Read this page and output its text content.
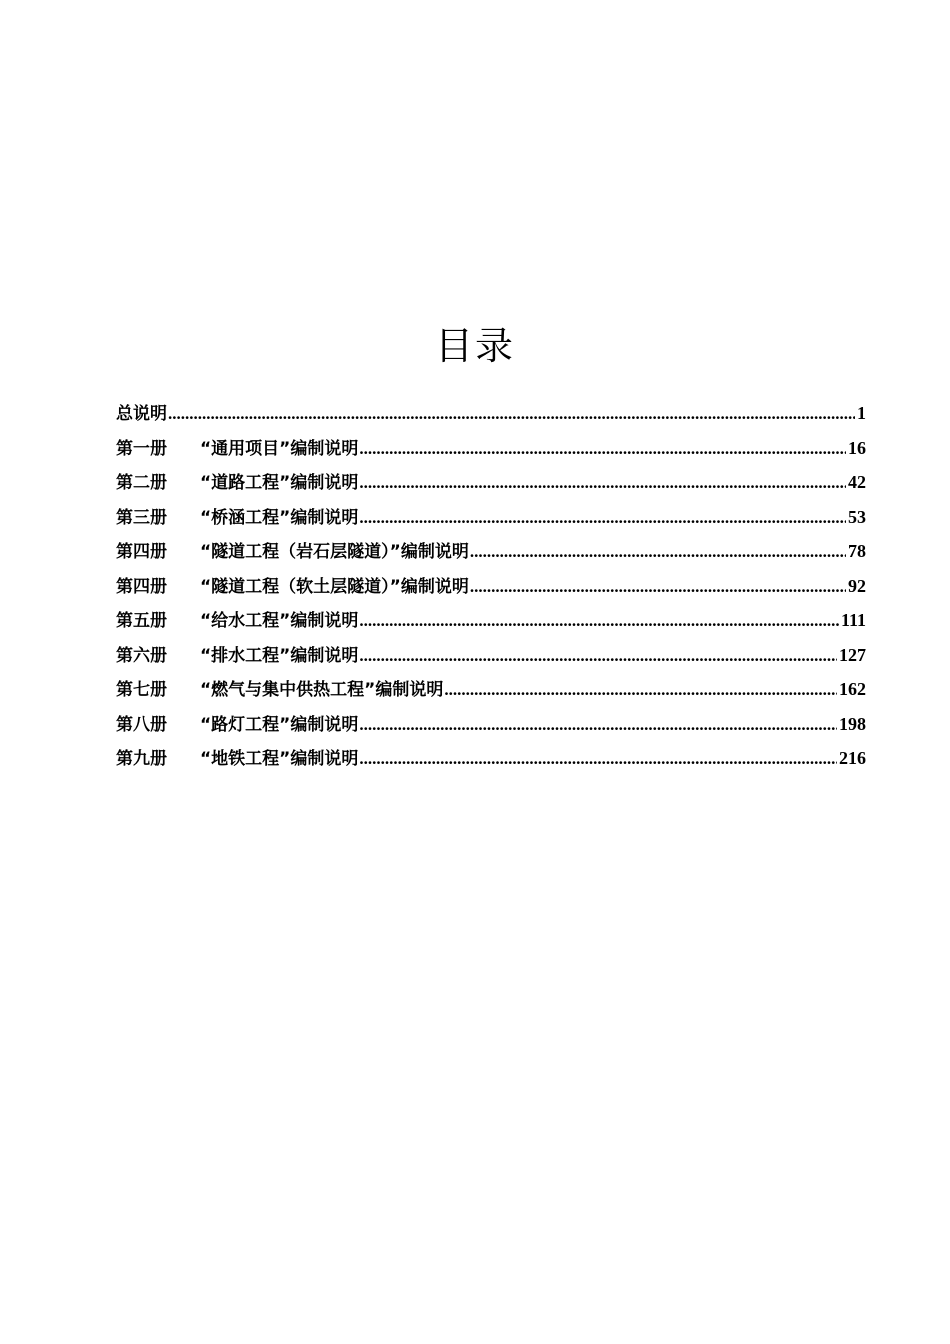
目录
总说明 .....	1
第一册	“通用项目”编制说明 .....	16
第二册	“道路工程”编制说明 .....	42
第三册	“桥涵工程”编制说明 .....	53
第四册	“隧道工程（岩石层隧道）”编制说明 .....	78
第四册	“隧道工程（软土层隧道）”编制说明 .....	92
第五册	“给水工程”编制说明 .....	111
第六册	“排水工程”编制说明 .....	127
第七册	“燃气与集中供热工程”编制说明 .....	162
第八册	“路灯工程”编制说明 .....	198
第九册	“地铁工程”编制说明 .....	216
